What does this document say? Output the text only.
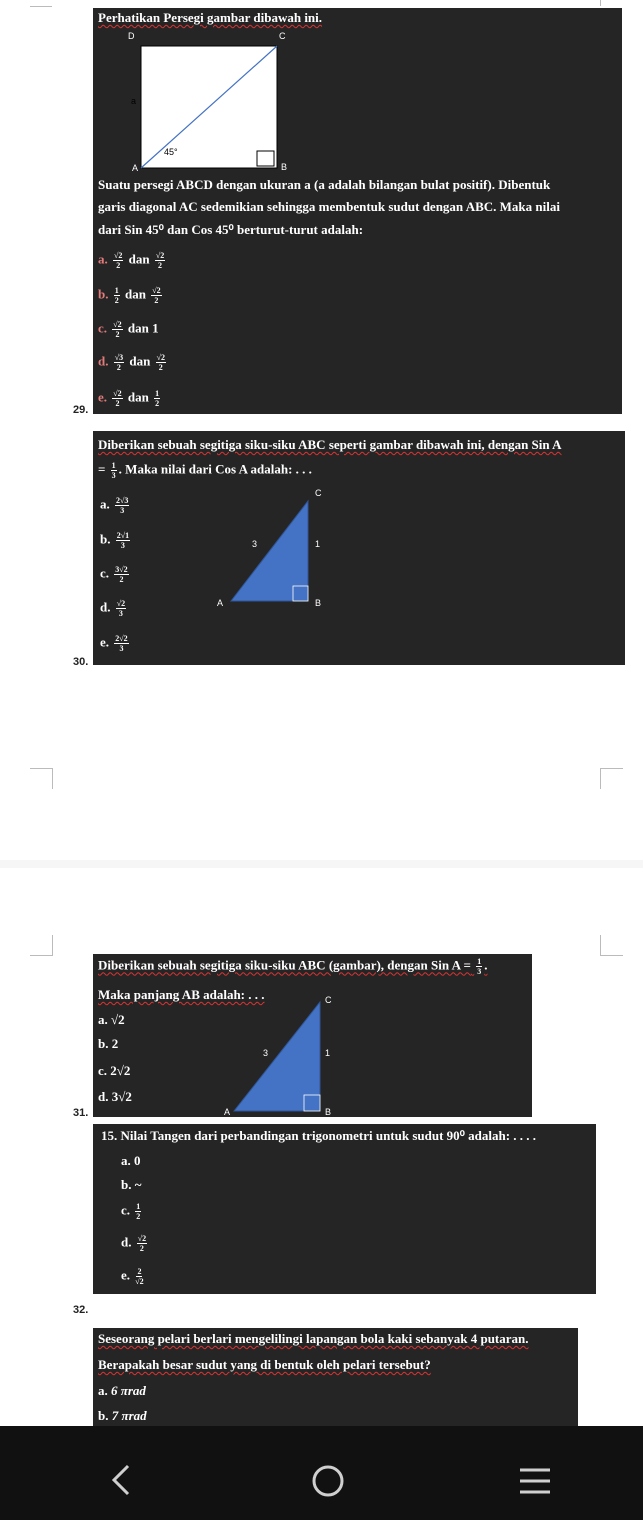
Perhatikan Persegi gambar dibawah ini.
D	C
A	B
a
45°
Suatu persegi ABCD dengan ukuran a (a adalah bilangan bulat positif). Dibentuk
garis diagonal AC sedemikian sehingga membentuk sudut dengan ABC. Maka nilai
dari Sin 45⁰ dan Cos 45⁰ berturut-turut adalah:
a. $\frac{√2}{2}$ dan $\frac{√2}{2}$
b. $\frac{1}{2}$ dan $\frac{√2}{2}$
c. $\frac{√2}{2}$ dan 1
d. $\frac{√3}{2}$ dan $\frac{√2}{2}$
e. $\frac{√2}{2}$ dan $\frac{1}{2}$
29.
Diberikan sebuah segitiga siku-siku ABC seperti gambar dibawah ini, dengan Sin A
= $\frac{1}{3}$ . Maka nilai dari Cos A adalah: . . .
C
A	B
3	1
a. $\frac{2√3}{3}$
b. $\frac{2√1}{3}$
c. $\frac{3√2}{2}$
d. $\frac{√2}{3}$
e. $\frac{2√2}{3}$
30.
Diberikan sebuah segitiga siku-siku ABC (gambar), dengan Sin $A = \frac{1}{3}$ .
Maka panjang AB adalah: . . .	C
A	B
3	1
a. √2
b. 2
c. 2√2
d. 3√2
31.
15. Nilai Tangen dari perbandingan trigonometri untuk sudut 90⁰ adalah: . . . .
a. 0
b. ~
c. $\frac{1}{2}$
d. $\frac{√2}{2}$
e. $\frac{2}{√2}$
32.
Seseorang pelari berlari mengelilingi lapangan bola kaki sebanyak 4 putaran.
Berapakah besar sudut yang di bentuk oleh pelari tersebut?
a. 6 πrad
b. 7 πrad
